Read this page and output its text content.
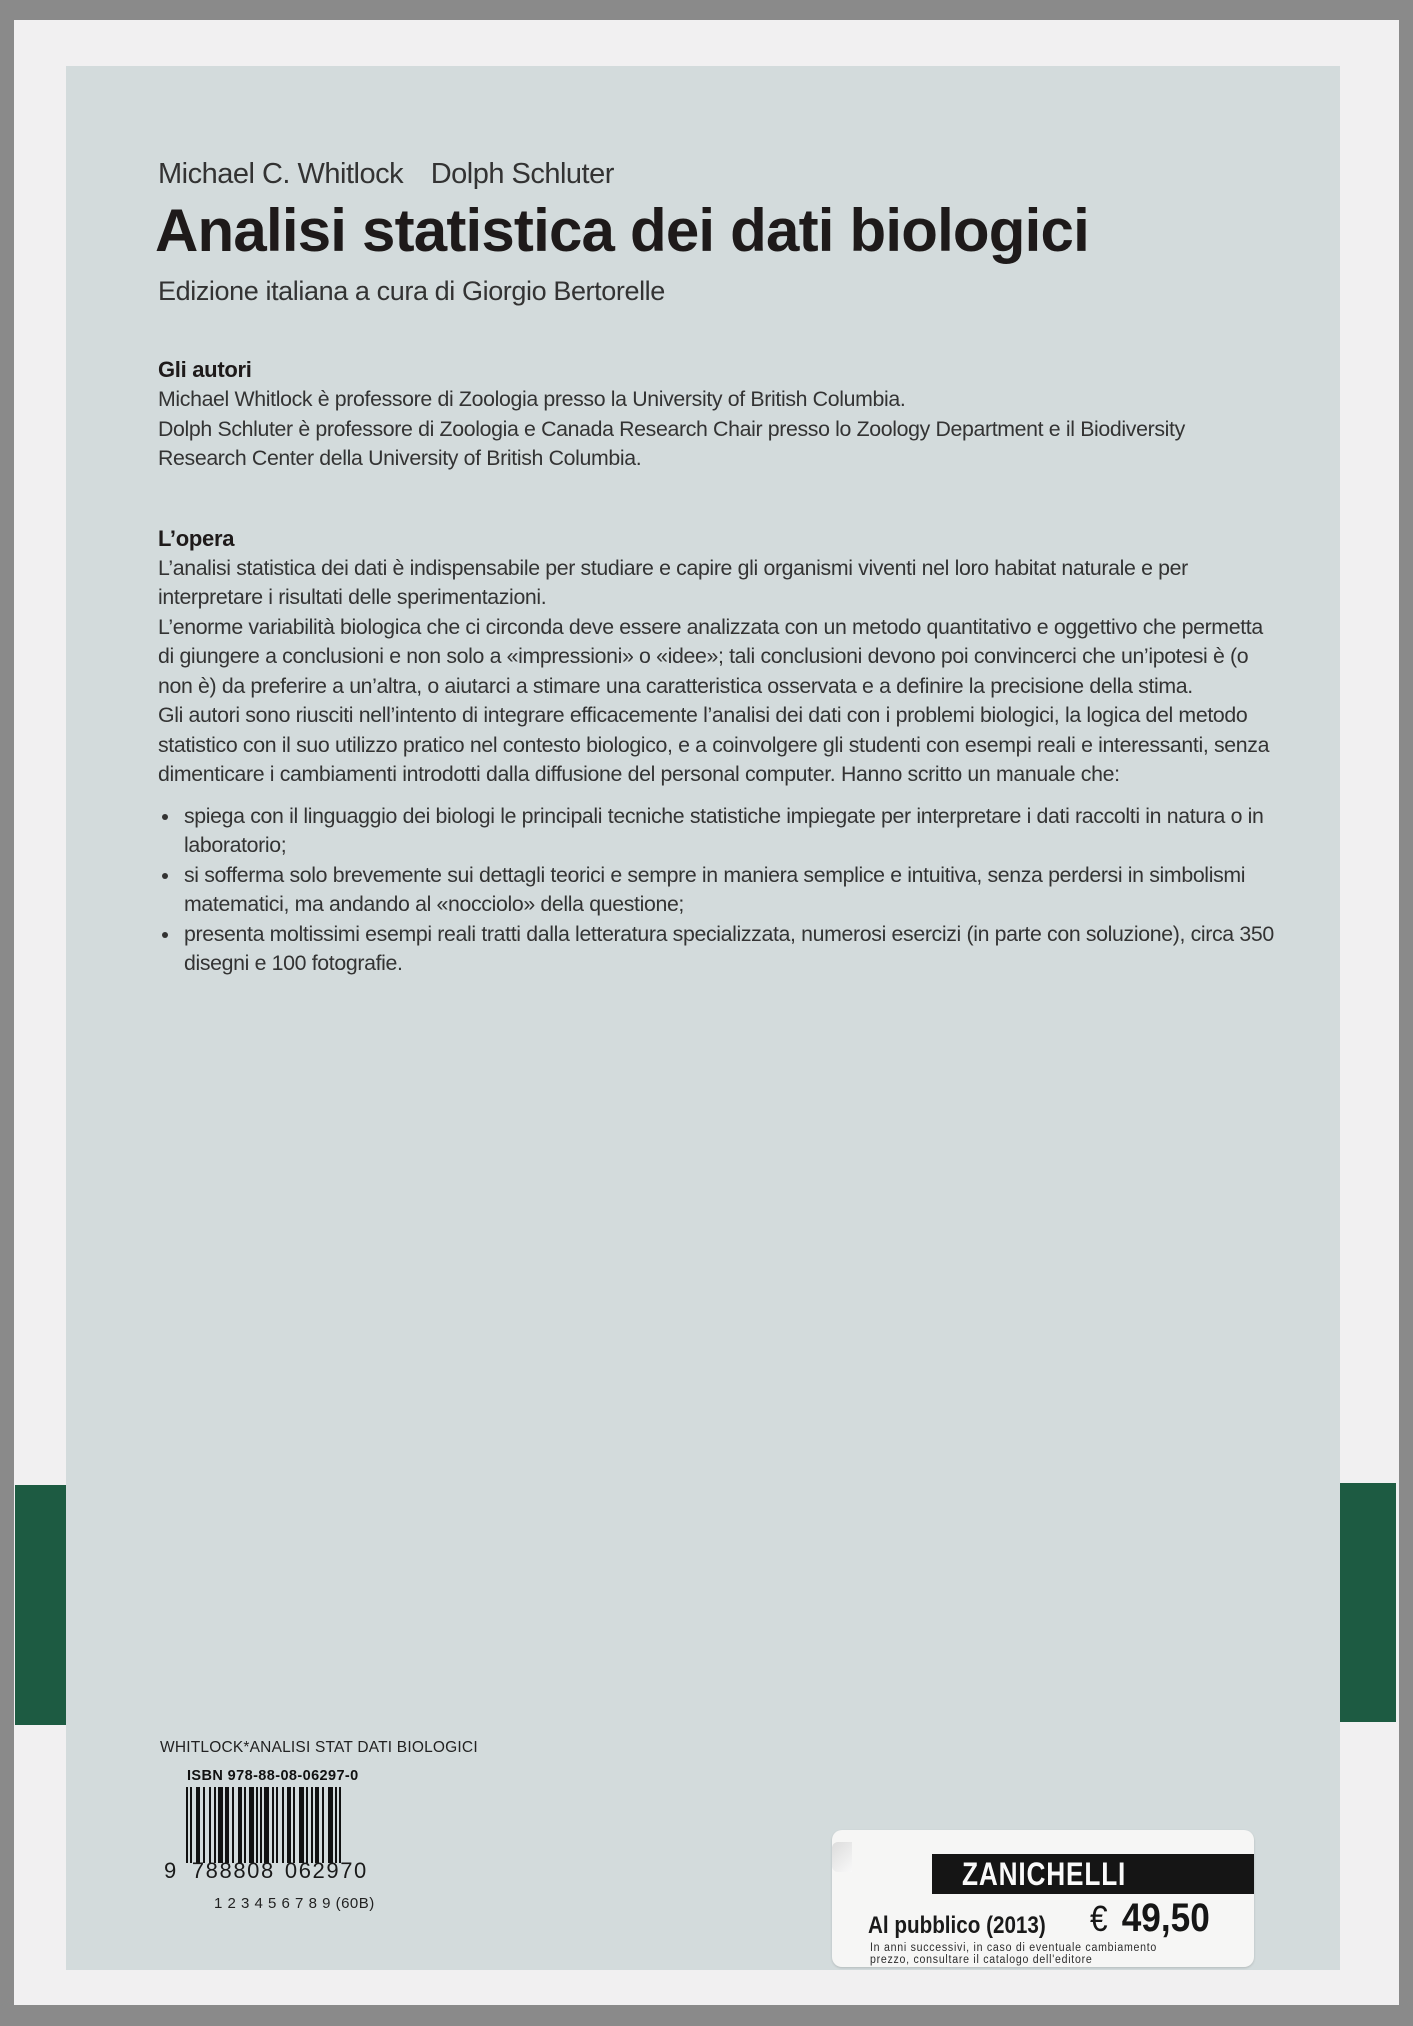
Michael C. Whitlock Dolph Schluter

Analisi statistica dei dati biologici

Edizione italiana a cura di Giorgio Bertorelle

Gli autori

Michael Whitlock è professore di Zoologia presso la University of British Columbia.

Dolph Schluter è professore di Zoologia e Canada Research Chair presso lo Zoology Department e il Biodiversity Research Center della University of British Columbia.

L’opera

L’analisi statistica dei dati è indispensabile per studiare e capire gli organismi viventi nel loro habitat naturale e per interpretare i risultati delle sperimentazioni.

L’enorme variabilità biologica che ci circonda deve essere analizzata con un metodo quantitativo e oggettivo che permetta di giungere a conclusioni e non solo a «impressioni» o «idee»; tali conclusioni devono poi convincerci che un’ipotesi è (o non è) da preferire a un’altra, o aiutarci a stimare una caratteristica osservata e a definire la precisione della stima.

Gli autori sono riusciti nell’intento di integrare efficacemente l’analisi dei dati con i problemi biologici, la logica del metodo statistico con il suo utilizzo pratico nel contesto biologico, e a coinvolgere gli studenti con esempi reali e interessanti, senza dimenticare i cambiamenti introdotti dalla diffusione del personal computer. Hanno scritto un manuale che:

spiega con il linguaggio dei biologi le principali tecniche statistiche impiegate per interpretare i dati raccolti in natura o in laboratorio;
si sofferma solo brevemente sui dettagli teorici e sempre in maniera semplice e intuitiva, senza perdersi in simbolismi matematici, ma andando al «nocciolo» della questione;
presenta moltissimi esempi reali tratti dalla letteratura specializzata, numerosi esercizi (in parte con soluzione), circa 350 disegni e 100 fotografie.
WHITLOCK*ANALISI STAT DATI BIOLOGICI
ISBN 978-88-08-06297-0
9 788808 062970
1 2 3 4 5 6 7 8 9 (60B)
ZANICHELLI
Al pubblico (2013) € 49,50
In anni successivi, in caso di eventuale cambiamento
prezzo, consultare il catalogo dell'editore
